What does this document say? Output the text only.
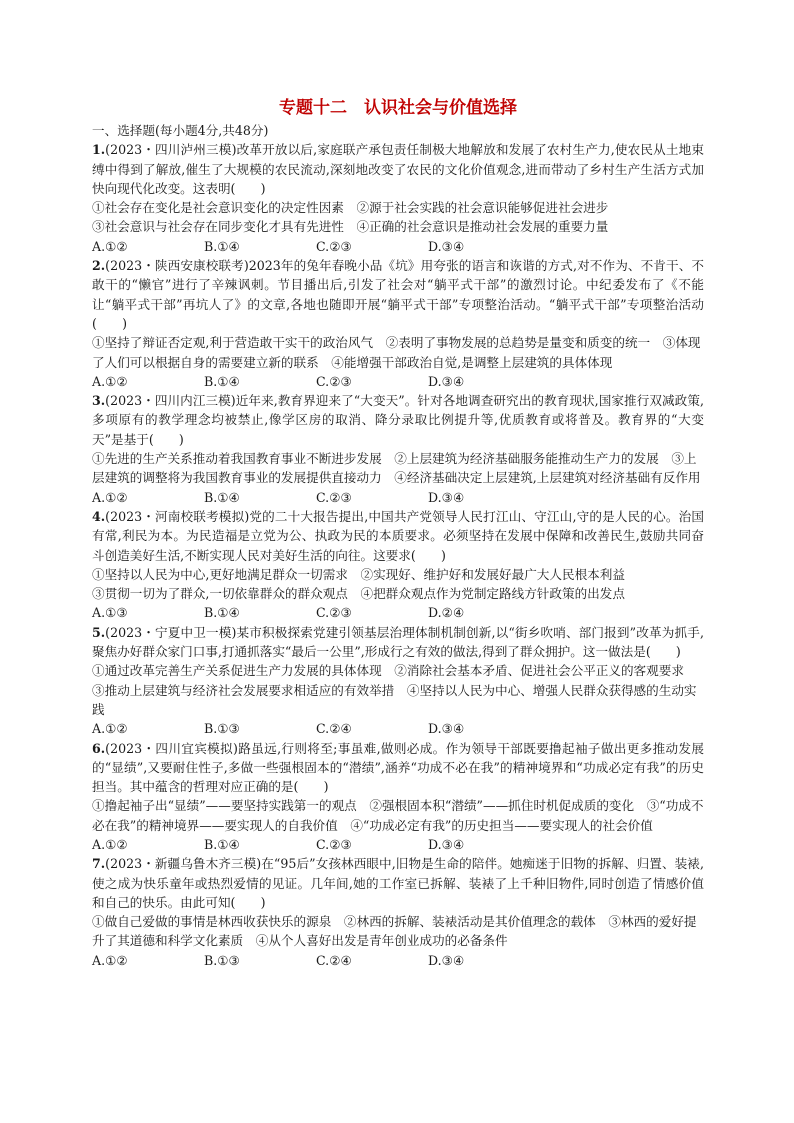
专题十二　认识社会与价值选择
一、选择题(每小题4分,共48分)

1.(2023・四川泸州三模)改革开放以后,家庭联产承包责任制极大地解放和发展了农村生产力,使农民从土地束缚中得到了解放,催生了大规模的农民流动,深刻地改变了农民的文化价值观念,进而带动了乡村生产生活方式加快向现代化改变。这表明(　　)

①社会存在变化是社会意识变化的决定性因素　②源于社会实践的社会意识能够促进社会进步

③社会意识与社会存在同步变化才具有先进性　④正确的社会意识是推动社会发展的重要力量

A.①②	B.①④	C.②③	D.③④

2.(2023・陕西安康校联考)2023年的兔年春晚小品《坑》用夸张的语言和诙谐的方式,对不作为、不肯干、不敢干的“懒官”进行了辛辣讽刺。节目播出后,引发了社会对“躺平式干部”的激烈讨论。中纪委发布了《不能让“躺平式干部”再坑人了》的文章,各地也随即开展“躺平式干部”专项整治活动。“躺平式干部”专项整治活动(　　)

①坚持了辩证否定观,利于营造敢干实干的政治风气　②表明了事物发展的总趋势是量变和质变的统一　③体现了人们可以根据自身的需要建立新的联系　④能增强干部政治自觉,是调整上层建筑的具体体现

A.①②	B.①④	C.②③	D.③④

3.(2023・四川内江三模)近年来,教育界迎来了“大变天”。针对各地调查研究出的教育现状,国家推行双减政策,多项原有的教学理念均被禁止,像学区房的取消、降分录取比例提升等,优质教育或将普及。教育界的“大变天”是基于(　　)

①先进的生产关系推动着我国教育事业不断进步发展　②上层建筑为经济基础服务能推动生产力的发展　③上层建筑的调整将为我国教育事业的发展提供直接动力　④经济基础决定上层建筑,上层建筑对经济基础有反作用

A.①②	B.①④	C.②③	D.③④

4.(2023・河南校联考模拟)党的二十大报告提出,中国共产党领导人民打江山、守江山,守的是人民的心。治国有常,利民为本。为民造福是立党为公、执政为民的本质要求。必须坚持在发展中保障和改善民生,鼓励共同奋斗创造美好生活,不断实现人民对美好生活的向往。这要求(　　)

①坚持以人民为中心,更好地满足群众一切需求　②实现好、维护好和发展好最广大人民根本利益

③贯彻一切为了群众,一切依靠群众的群众观点　④把群众观点作为党制定路线方针政策的出发点

A.①③	B.①④	C.②③	D.②④

5.(2023・宁夏中卫一模)某市积极探索党建引领基层治理体制机制创新,以“街乡吹哨、部门报到”改革为抓手,聚焦办好群众家门口事,打通抓落实“最后一公里”,形成行之有效的做法,得到了群众拥护。这一做法是(　　)

①通过改革完善生产关系促进生产力发展的具体体现　②消除社会基本矛盾、促进社会公平正义的客观要求　③推动上层建筑与经济社会发展要求相适应的有效举措　④坚持以人民为中心、增强人民群众获得感的生动实践

A.①②	B.①③	C.②④	D.③④

6.(2023・四川宜宾模拟)路虽远,行则将至;事虽难,做则必成。作为领导干部既要撸起袖子做出更多推动发展的“显绩”,又要耐住性子,多做一些强根固本的“潜绩”,涵养“功成不必在我”的精神境界和“功成必定有我”的历史担当。其中蕴含的哲理对应正确的是(　　)

①撸起袖子出“显绩”——要坚持实践第一的观点　②强根固本积“潜绩”——抓住时机促成质的变化　③“功成不必在我”的精神境界——要实现人的自我价值　④“功成必定有我”的历史担当——要实现人的社会价值

A.①②	B.①④	C.②③	D.③④

7.(2023・新疆乌鲁木齐三模)在“95后”女孩林西眼中,旧物是生命的陪伴。她痴迷于旧物的拆解、归置、装裱,使之成为快乐童年或热烈爱情的见证。几年间,她的工作室已拆解、装裱了上千种旧物件,同时创造了情感价值和自己的快乐。由此可知(　　)

①做自己爱做的事情是林西收获快乐的源泉　②林西的拆解、装裱活动是其价值理念的载体　③林西的爱好提升了其道德和科学文化素质　④从个人喜好出发是青年创业成功的必备条件

A.①②	B.①③	C.②④	D.③④
